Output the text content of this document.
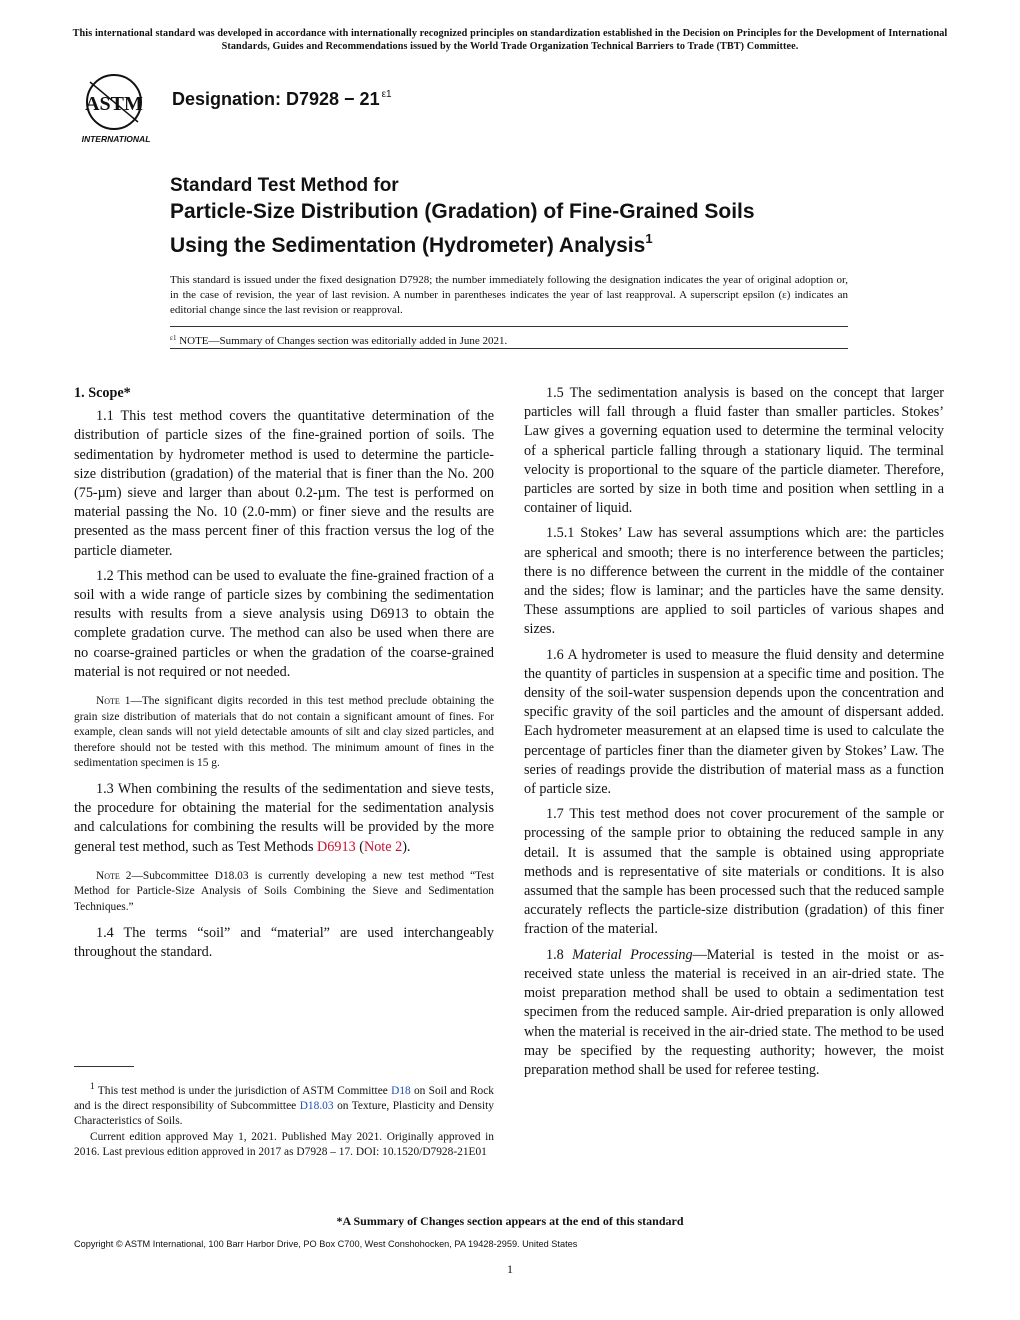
This international standard was developed in accordance with internationally recognized principles on standardization established in the Decision on Principles for the Development of International Standards, Guides and Recommendations issued by the World Trade Organization Technical Barriers to Trade (TBT) Committee.
ASTM
INTERNATIONAL
Designation: D7928 − 21 $^{\varepsilon 1}$
Standard Test Method for
Particle-Size Distribution (Gradation) of Fine-Grained Soils
Using the Sedimentation (Hydrometer) Analysis$^1$
This standard is issued under the fixed designation D7928; the number immediately following the designation indicates the year of original adoption or, in the case of revision, the year of last revision. A number in parentheses indicates the year of last reapproval. A superscript epsilon (ε) indicates an editorial change since the last revision or reapproval.
$^{\varepsilon 1}$ NOTE—Summary of Changes section was editorially added in June 2021.
1. Scope*

1.1 This test method covers the quantitative determination of the distribution of particle sizes of the fine-grained portion of soils. The sedimentation by hydrometer method is used to determine the particle-size distribution (gradation) of the material that is finer than the No. 200 (75-µm) sieve and larger than about 0.2-µm. The test is performed on material passing the No. 10 (2.0-mm) or finer sieve and the results are presented as the mass percent finer of this fraction versus the log of the particle diameter.

1.2 This method can be used to evaluate the fine-grained fraction of a soil with a wide range of particle sizes by combining the sedimentation results with results from a sieve analysis using D6913 to obtain the complete gradation curve. The method can also be used when there are no coarse-grained particles or when the gradation of the coarse-grained material is not required or not needed.

Note 1—The significant digits recorded in this test method preclude obtaining the grain size distribution of materials that do not contain a significant amount of fines. For example, clean sands will not yield detectable amounts of silt and clay sized particles, and therefore should not be tested with this method. The minimum amount of fines in the sedimentation specimen is 15 g.

1.3 When combining the results of the sedimentation and sieve tests, the procedure for obtaining the material for the sedimentation analysis and calculations for combining the results will be provided by the more general test method, such as Test Methods D6913 (Note 2).

Note 2—Subcommittee D18.03 is currently developing a new test method “Test Method for Particle-Size Analysis of Soils Combining the Sieve and Sedimentation Techniques.”

1.4 The terms “soil” and “material” are used interchangeably throughout the standard.

1.5 The sedimentation analysis is based on the concept that larger particles will fall through a fluid faster than smaller particles. Stokes’ Law gives a governing equation used to determine the terminal velocity of a spherical particle falling through a stationary liquid. The terminal velocity is proportional to the square of the particle diameter. Therefore, particles are sorted by size in both time and position when settling in a container of liquid.

1.5.1 Stokes’ Law has several assumptions which are: the particles are spherical and smooth; there is no interference between the particles; there is no difference between the current in the middle of the container and the sides; flow is laminar; and the particles have the same density. These assumptions are applied to soil particles of various shapes and sizes.

1.6 A hydrometer is used to measure the fluid density and determine the quantity of particles in suspension at a specific time and position. The density of the soil-water suspension depends upon the concentration and specific gravity of the soil particles and the amount of dispersant added. Each hydrometer measurement at an elapsed time is used to calculate the percentage of particles finer than the diameter given by Stokes’ Law. The series of readings provide the distribution of material mass as a function of particle size.

1.7 This test method does not cover procurement of the sample or processing of the sample prior to obtaining the reduced sample in any detail. It is assumed that the sample is obtained using appropriate methods and is representative of site materials or conditions. It is also assumed that the sample has been processed such that the reduced sample accurately reflects the particle-size distribution (gradation) of this finer fraction of the material.

1.8 Material Processing—Material is tested in the moist or as-received state unless the material is received in an air-dried state. The moist preparation method shall be used to obtain a sedimentation test specimen from the reduced sample. Air-dried preparation is only allowed when the material is received in the air-dried state. The method to be used may be specified by the requesting authority; however, the moist preparation method shall be used for referee testing.

$^1$ This test method is under the jurisdiction of ASTM Committee D18 on Soil and Rock and is the direct responsibility of Subcommittee D18.03 on Texture, Plasticity and Density Characteristics of Soils.

Current edition approved May 1, 2021. Published May 2021. Originally approved in 2016. Last previous edition approved in 2017 as D7928 – 17. DOI: 10.1520/D7928-21E01

*A Summary of Changes section appears at the end of this standard
Copyright © ASTM International, 100 Barr Harbor Drive, PO Box C700, West Conshohocken, PA 19428-2959. United States
1
